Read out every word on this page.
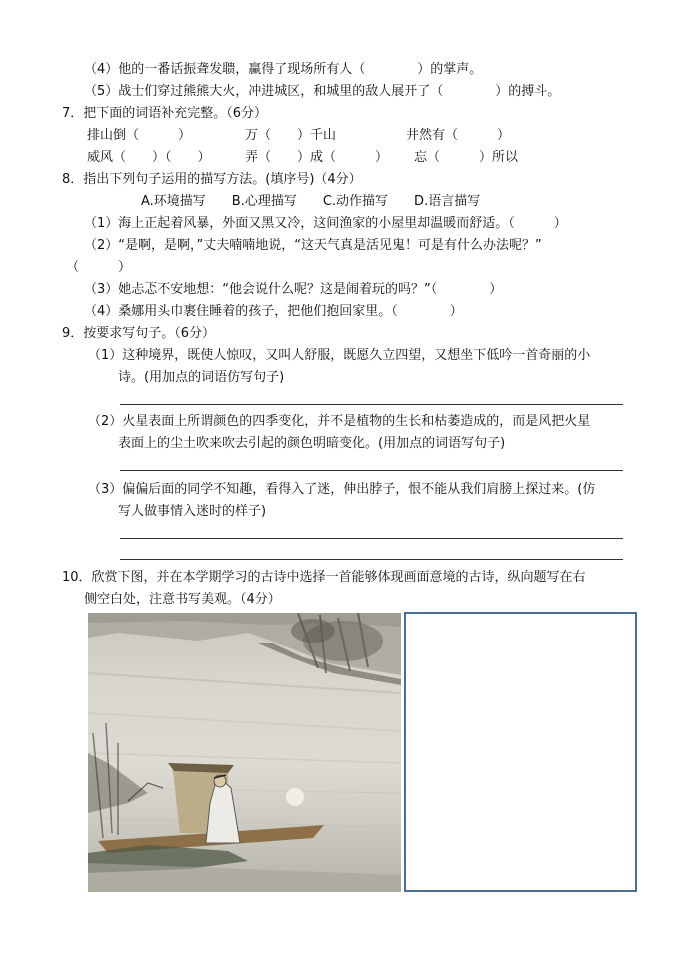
（4）他的一番话振聋发聩，赢得了现场所有人（　　　　）的掌声。
（5）战士们穿过熊熊大火，冲进城区，和城里的敌人展开了（　　　　）的搏斗。
7．把下面的词语补充完整。（6分）
排山倒（　　　）	万（　　）千山	井然有（　　　）
威风（　　）（　　）	弄（　　）成（　　　） 忘（　　　）所以
8．指出下列句子运用的描写方法。(填序号)（4分）
A.环境描写　　B.心理描写　　C.动作描写　　D.语言描写
（1）海上正起着风暴，外面又黑又冷，这间渔家的小屋里却温暖而舒适。（　　　）
（2）“是啊，是啊，”丈夫喃喃地说，“这天气真是活见鬼！可是有什么办法呢？”
（　　　）
（3）她忐忑不安地想：“他会说什么呢？这是闹着玩的吗？”（　　　　）
（4）桑娜用头巾裹住睡着的孩子，把他们抱回家里。（　　　　）
9．按要求写句子。（6分）
（1）这种境界，既使人惊叹，又叫人舒服，既愿久立四望，又想坐下低吟一首奇丽的小
诗。(用加点的词语仿写句子)
（2）火星表面上所谓颜色的四季变化，并不是植物的生长和枯萎造成的，而是风把火星
表面上的尘土吹来吹去引起的颜色明暗变化。(用加点的词语写句子)
（3）偏偏后面的同学不知趣，看得入了迷，伸出脖子，恨不能从我们肩膀上探过来。(仿
写人做事情入迷时的样子)
10．欣赏下图，并在本学期学习的古诗中选择一首能够体现画面意境的古诗，纵向题写在右
侧空白处，注意书写美观。（4分）
